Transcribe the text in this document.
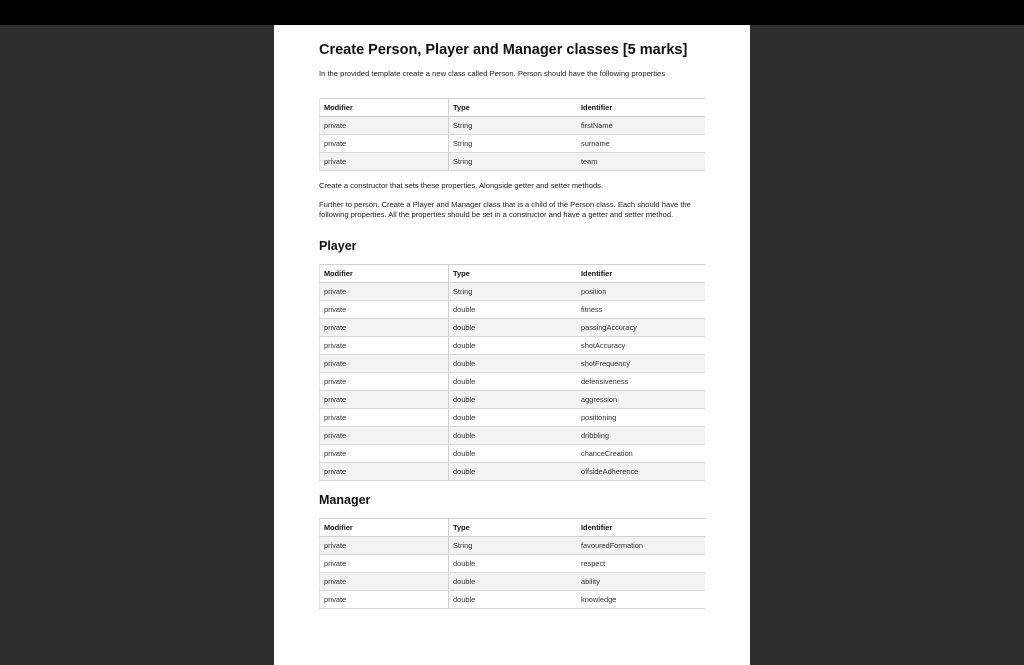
Create Person, Player and Manager classes [5 marks]

In the provided template create a new class called Person. Person should have the following properties

Modifier	Type	Identifier
private	String	firstName
private	String	surname
private	String	team

Create a constructor that sets these properties. Alongside getter and setter methods.

Further to person. Create a Player and Manager class that is a child of the Person class. Each should have the following properties. All the properties should be set in a constructor and have a getter and setter method.

Player
Modifier	Type	Identifier
private	String	position
private	double	fitness
private	double	passingAccuracy
private	double	shotAccuracy
private	double	shotFrequency
private	double	defensiveness
private	double	aggression
private	double	positioning
private	double	dribbling
private	double	chanceCreation
private	double	offsideAdherence
Manager
Modifier	Type	Identifier
private	String	favouredFormation
private	double	respect
private	double	ability
private	double	knowledge
